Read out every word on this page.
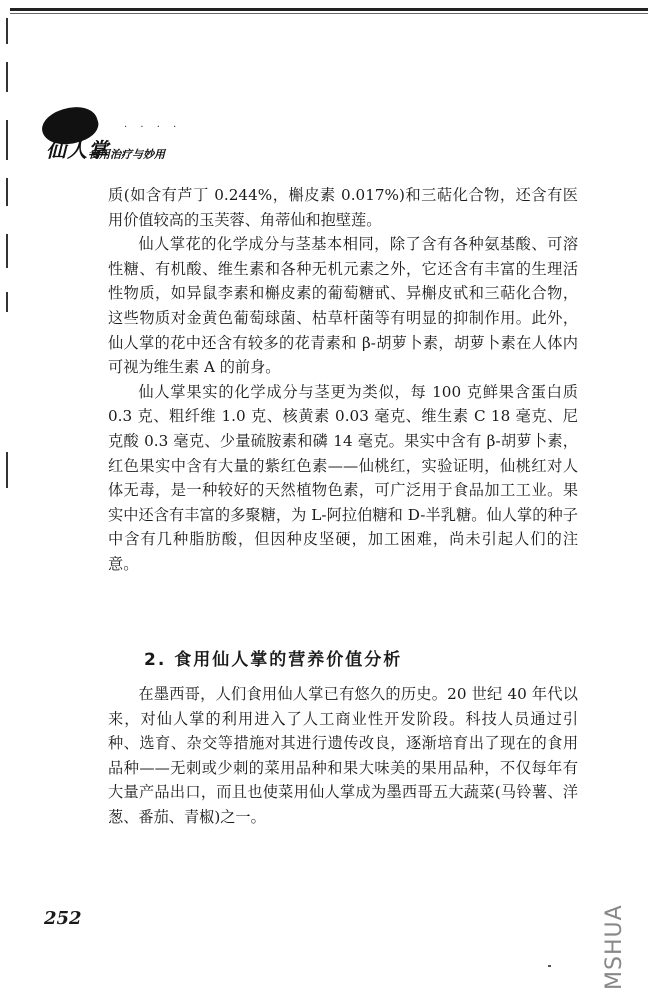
· · · ·
仙人掌
食用治疗与妙用

质(如含有芦丁 0.244%，槲皮素 0.017%)和三萜化合物，还含有医用价值较高的玉芙蓉、角蒂仙和抱壁莲。

仙人掌花的化学成分与茎基本相同，除了含有各种氨基酸、可溶性糖、有机酸、维生素和各种无机元素之外，它还含有丰富的生理活性物质，如异鼠李素和槲皮素的葡萄糖甙、异槲皮甙和三萜化合物，这些物质对金黄色葡萄球菌、枯草杆菌等有明显的抑制作用。此外，仙人掌的花中还含有较多的花青素和 β-胡萝卜素，胡萝卜素在人体内可视为维生素 A 的前身。

仙人掌果实的化学成分与茎更为类似，每 100 克鲜果含蛋白质 0.3 克、粗纤维 1.0 克、核黄素 0.03 毫克、维生素 C 18 毫克、尼克酸 0.3 毫克、少量硫胺素和磷 14 毫克。果实中含有 β-胡萝卜素，红色果实中含有大量的紫红色素——仙桃红，实验证明，仙桃红对人体无毒，是一种较好的天然植物色素，可广泛用于食品加工工业。果实中还含有丰富的多聚糖，为 L-阿拉伯糖和 D-半乳糖。仙人掌的种子中含有几种脂肪酸，但因种皮坚硬，加工困难，尚未引起人们的注意。

2. 食用仙人掌的营养价值分析

在墨西哥，人们食用仙人掌已有悠久的历史。20 世纪 40 年代以来，对仙人掌的利用进入了人工商业性开发阶段。科技人员通过引种、选育、杂交等措施对其进行遗传改良，逐渐培育出了现在的食用品种——无刺或少刺的菜用品种和果大味美的果用品种，不仅每年有大量产品出口，而且也使菜用仙人掌成为墨西哥五大蔬菜(马铃薯、洋葱、番茄、青椒)之一。

252	MSHUA
